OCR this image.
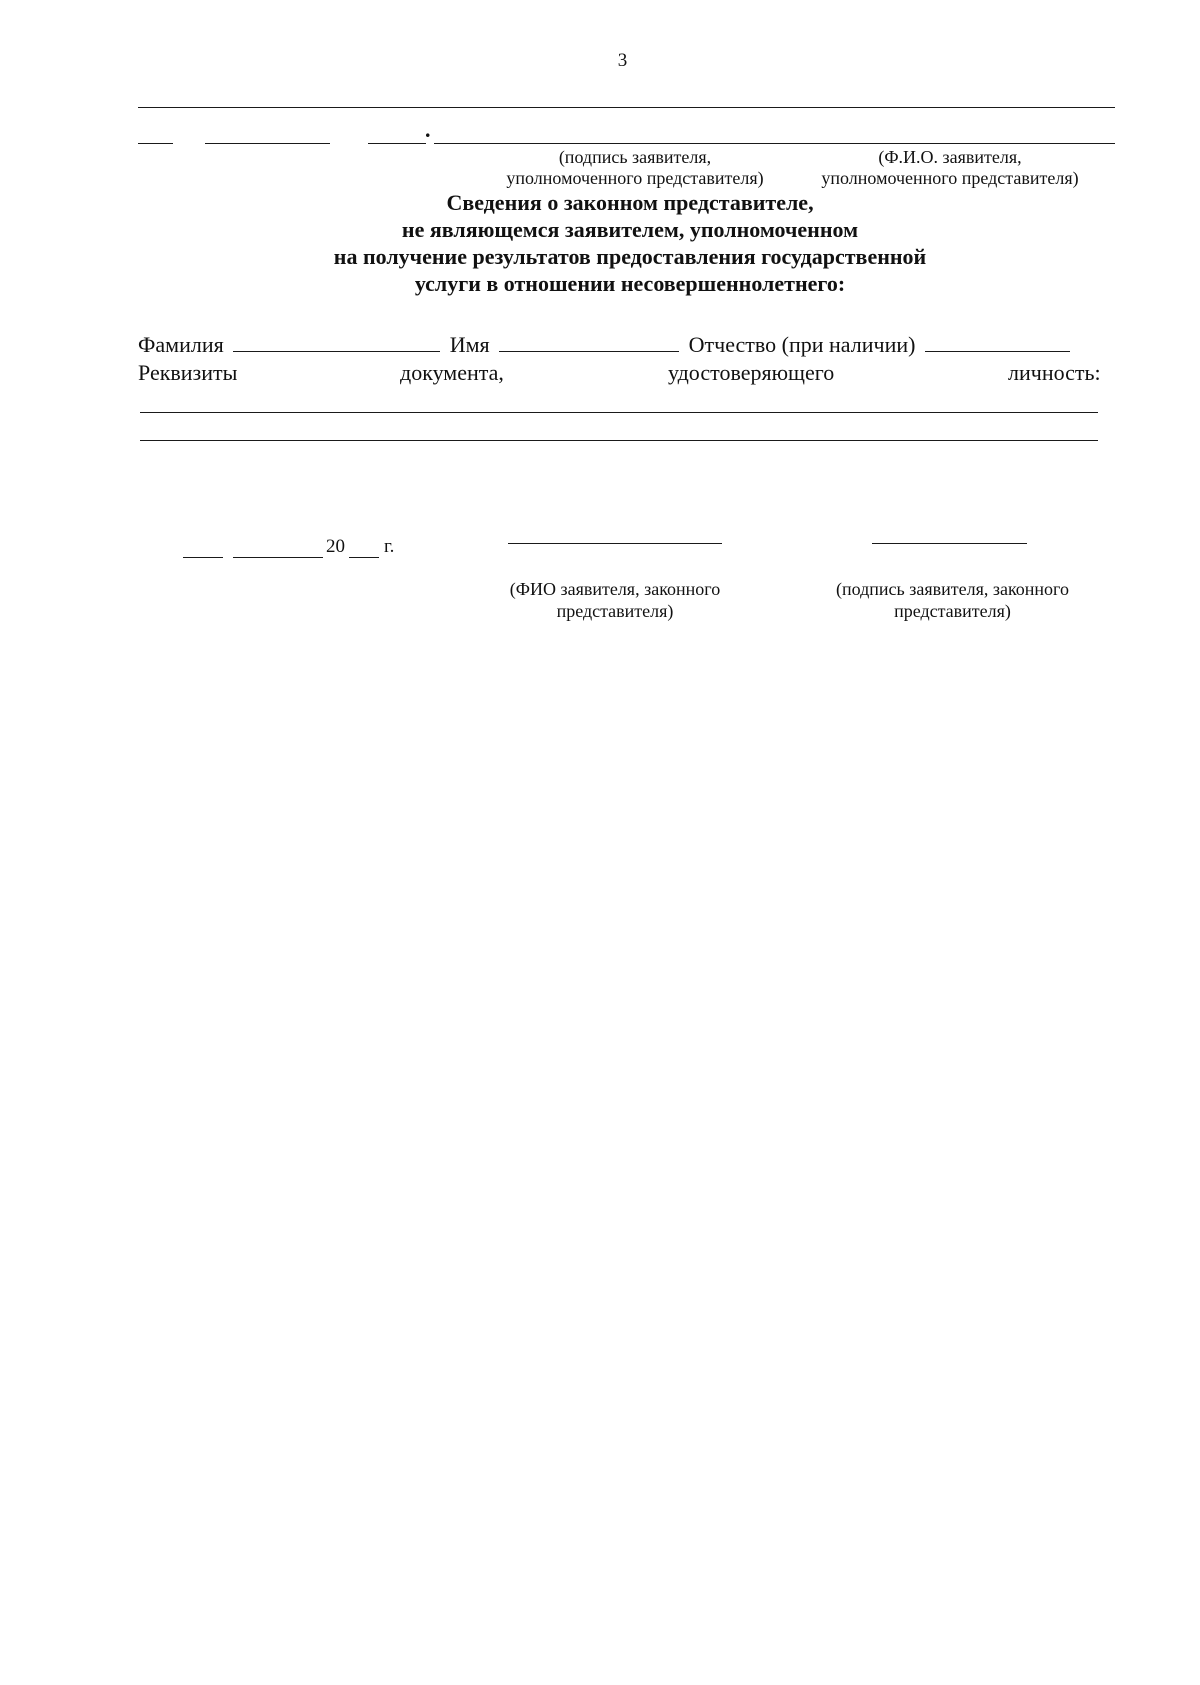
3
.
(подпись заявителя,
уполномоченного представителя)
(Ф.И.О. заявителя,
уполномоченного представителя)
Сведения о законном представителе,
не являющемся заявителем, уполномоченном
на получение результатов предоставления государственной
услуги в отношении несовершеннолетнего:
Фамилия	Имя	Отчество (при наличии)
Реквизиты	документа,	удостоверяющего	личность:
20 г.
(ФИО заявителя, законного
представителя)
(подпись заявителя, законного
представителя)
